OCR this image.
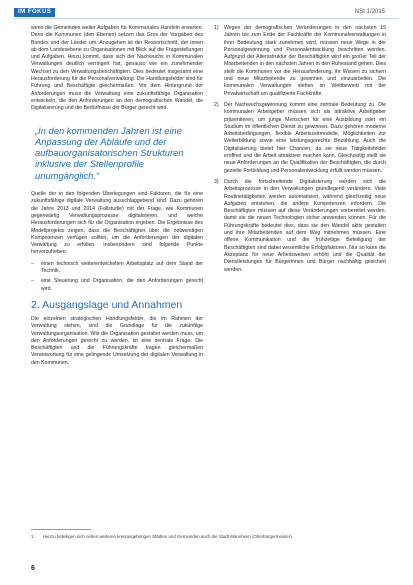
IM FOKUS	NSt 1/2015

wenn die Gemeinden weiter Aufgaben für Kommunales Handeln erwarten. Denn die Kommunen (den Ebenen) setzen das Gros der Vorgaben des Bundes und der Länder um. Anzugehen ist der Ressortschnitt, der innen ab dem Landesebene zu Organisationen mit Blick auf die Fragestellungen und Aufgaben. Hinzu kommt, dass sich der Nachwuchs in Kommunalen Verwaltungen deutlich verringert hat, genauso wie ein zunehmender Wechsel zu den Verwaltungsbeschäftigten. Dies bedeutet insgesamt eine Herausforderung für die Personalverwaltung. Die Handlungsfelder sind für Führung und Beschäftigte gleichermaßen. Vor dem Hintergrund der Anforderungen muss die Verwaltung eine zukunftsfähige Organisation entwickeln, die den Anforderungen an den demografischen Wandel, die Digitalisierung und die Bedürfnisse der Bürger gerecht wird.

„In den kommenden Jahren ist eine Anpassung der Abläufe und der aufbauorganisatorischen Strukturen inklusive der Stellenprofile unumgänglich.“

Quelle der in den folgenden Überlegungen sind Faktoren, die für eine zukunftsfähige digitale Verwaltung ausschlaggebend sind. Dazu gehören die Jahre 2013 und 2014 (Fallstudie) mit der Frage, wie Kommunen gegenwärtig Verwaltungsprozesse digitalisieren, und welche Herausforderungen sich für die Organisation ergeben. Die Ergebnisse des Modellprojekts zeigen, dass die Beschäftigten über die notwendigen Kompetenzen verfügen sollten, um die Anforderungen der digitalen Verwaltung zu erfüllen. Insbesondere sind folgende Punkte hervorzuheben:

–	einen technisch weiterentwickelten Arbeitsplatz auf dem Stand der Technik,
–	eine Steuerung und Organisation, die den Anforderungen gerecht wird.
2. Ausgangslage und Annahmen

Die einzelnen strategischen Handlungsfelder, die im Rahmen der Verwaltung stehen, sind die Grundlage für die zukünftige Verwaltungsorganisation. Wie die Organisation gestaltet werden muss, um den Anforderungen gerecht zu werden, ist eine zentrale Frage. Die Beschäftigten und die Führungskräfte tragen gleichermaßen Verantwortung für eine gelingende Umsetzung der digitalen Verwaltung in den Kommunen.

1)	Wegen der demografischen Veränderungen in den nächsten 15 Jahren bis zum Ende der Fachkräfte der Kommunalverwaltungen in ihrer Bedeutung stark zunehmen wird, müssen neue Wege in der Personalgewinnung und Personalentwicklung beschritten werden. Aufgrund der Altersstruktur der Beschäftigten wird ein großer Teil der Mitarbeitenden in den nächsten Jahren in den Ruhestand gehen. Dies stellt die Kommunen vor die Herausforderung, ihr Wissen zu sichern und neue Mitarbeitende zu gewinnen und einzuarbeiten. Die kommunalen Verwaltungen stehen im Wettbewerb mit der Privatwirtschaft um qualifizierte Fachkräfte.
2)	Der Nachwuchsgewinnung kommt eine zentrale Bedeutung zu. Die kommunalen Arbeitgeber müssen sich als attraktive Arbeitgeber präsentieren, um junge Menschen für eine Ausbildung oder ein Studium im öffentlichen Dienst zu gewinnen. Dazu gehören moderne Arbeitsbedingungen, flexible Arbeitszeitmodelle, Möglichkeiten zur Weiterbildung sowie eine leistungsgerechte Bezahlung. Auch die Digitalisierung bietet hier Chancen, da sie neue Tätigkeitsfelder eröffnet und die Arbeit attraktiver machen kann. Gleichzeitig stellt sie neue Anforderungen an die Qualifikation der Beschäftigten, die durch gezielte Fortbildung und Personalentwicklung erfüllt werden müssen.
3)	Durch die fortschreitende Digitalisierung werden sich die Arbeitsprozesse in den Verwaltungen grundlegend verändern. Viele Routinetätigkeiten werden automatisiert, während gleichzeitig neue Aufgaben entstehen, die andere Kompetenzen erfordern. Die Beschäftigten müssen auf diese Veränderungen vorbereitet werden, damit sie die neuen Technologien sicher anwenden können. Für die Führungskräfte bedeutet dies, dass sie den Wandel aktiv gestalten und ihre Mitarbeitenden auf dem Weg mitnehmen müssen. Eine offene Kommunikation und die frühzeitige Beteiligung der Beschäftigten sind dabei wesentliche Erfolgsfaktoren. Nur so kann die Akzeptanz für neue Arbeitsweisen erhöht und die Qualität der Dienstleistungen für Bürgerinnen und Bürger nachhaltig gesichert werden.
1	Hierzu beteiligen sich neben weiteren kreisangehörigen Städten und Gemeinden auch die Stadt Mannheim (Oberbürgermeister).
6
